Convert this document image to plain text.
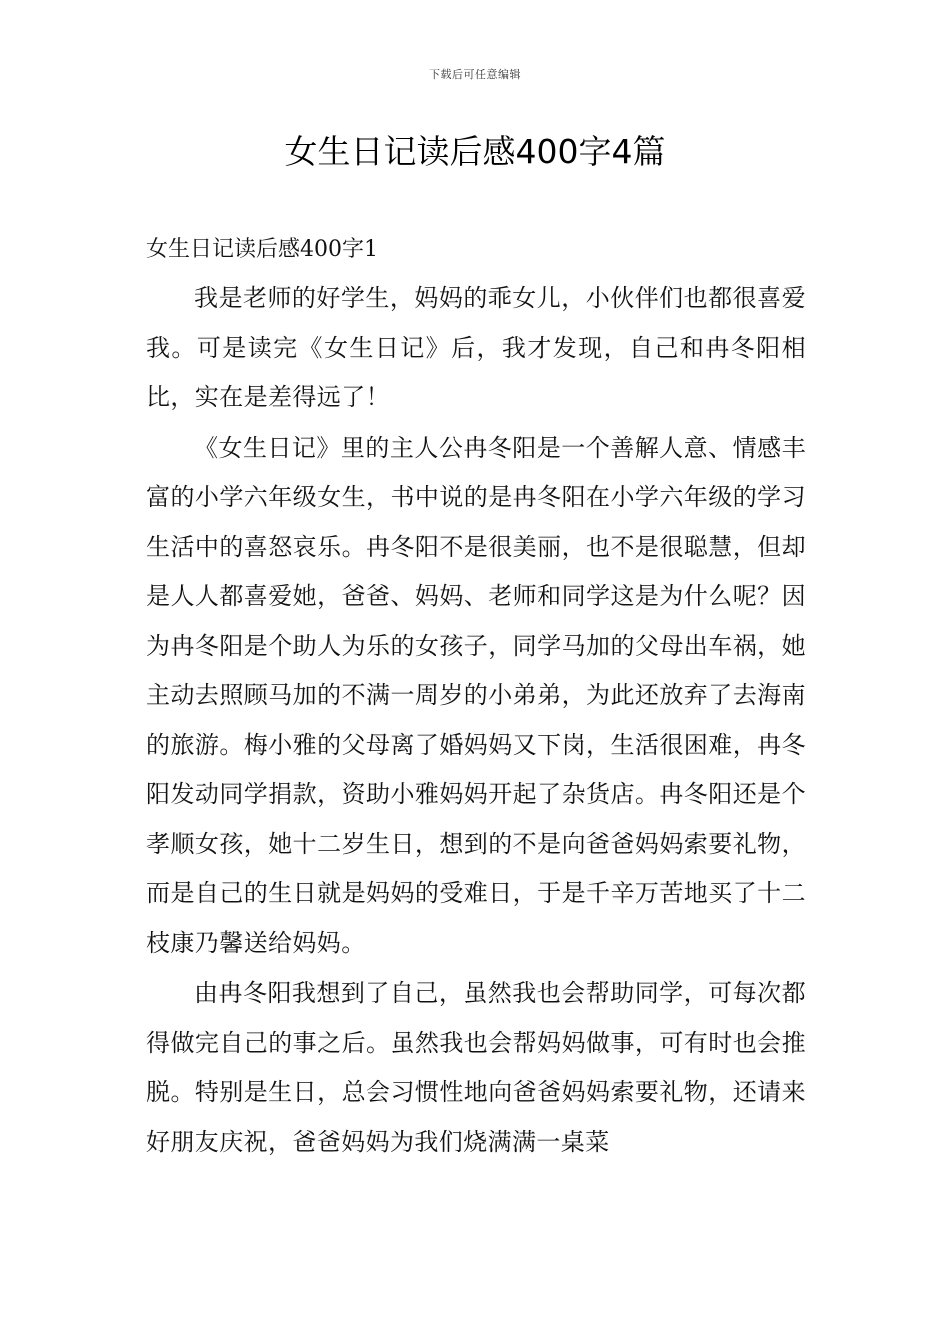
下载后可任意编辑
女生日记读后感400字4篇
女生日记读后感400字1

我是老师的好学生，妈妈的乖女儿，小伙伴们也都很喜爱我。可是读完《女生日记》后，我才发现，自己和冉冬阳相比，实在是差得远了！

《女生日记》里的主人公冉冬阳是一个善解人意、情感丰富的小学六年级女生，书中说的是冉冬阳在小学六年级的学习生活中的喜怒哀乐。冉冬阳不是很美丽，也不是很聪慧，但却是人人都喜爱她，爸爸、妈妈、老师和同学这是为什么呢？因为冉冬阳是个助人为乐的女孩子，同学马加的父母出车祸，她主动去照顾马加的不满一周岁的小弟弟，为此还放弃了去海南的旅游。梅小雅的父母离了婚妈妈又下岗，生活很困难，冉冬阳发动同学捐款，资助小雅妈妈开起了杂货店。冉冬阳还是个孝顺女孩，她十二岁生日，想到的不是向爸爸妈妈索要礼物，而是自己的生日就是妈妈的受难日，于是千辛万苦地买了十二枝康乃馨送给妈妈。

由冉冬阳我想到了自己，虽然我也会帮助同学，可每次都得做完自己的事之后。虽然我也会帮妈妈做事，可有时也会推脱。特别是生日，总会习惯性地向爸爸妈妈索要礼物，还请来好朋友庆祝，爸爸妈妈为我们烧满满一桌菜
